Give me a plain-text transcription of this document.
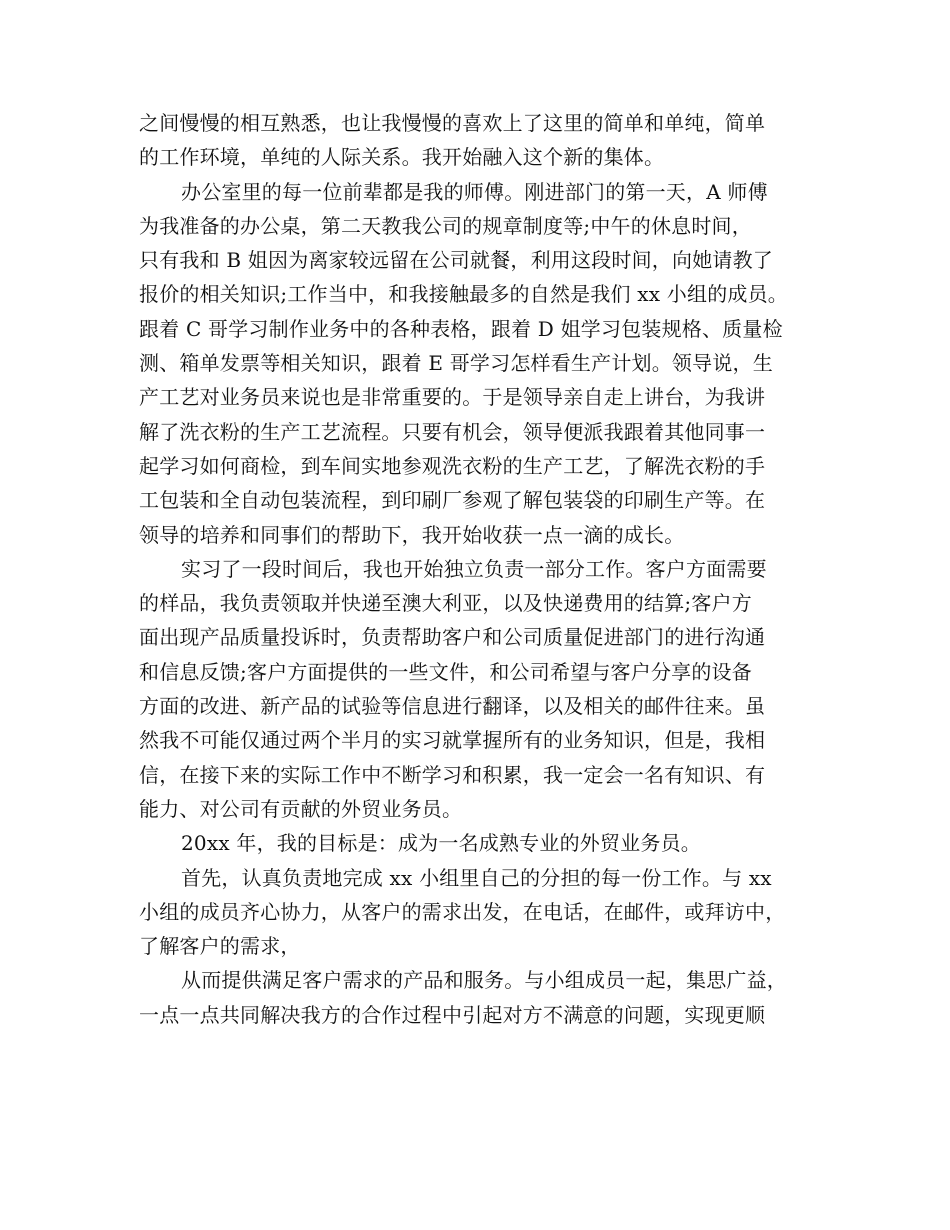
之间慢慢的相互熟悉，也让我慢慢的喜欢上了这里的简单和单纯，简单
的工作环境，单纯的人际关系。我开始融入这个新的集体。
办公室里的每一位前辈都是我的师傅。刚进部门的第一天，A 师傅
为我准备的办公桌，第二天教我公司的规章制度等;中午的休息时间，
只有我和 B 姐因为离家较远留在公司就餐，利用这段时间，向她请教了
报价的相关知识;工作当中，和我接触最多的自然是我们 xx 小组的成员。
跟着 C 哥学习制作业务中的各种表格，跟着 D 姐学习包装规格、质量检
测、箱单发票等相关知识，跟着 E 哥学习怎样看生产计划。领导说，生
产工艺对业务员来说也是非常重要的。于是领导亲自走上讲台，为我讲
解了洗衣粉的生产工艺流程。只要有机会，领导便派我跟着其他同事一
起学习如何商检，到车间实地参观洗衣粉的生产工艺，了解洗衣粉的手
工包装和全自动包装流程，到印刷厂参观了解包装袋的印刷生产等。在
领导的培养和同事们的帮助下，我开始收获一点一滴的成长。
实习了一段时间后，我也开始独立负责一部分工作。客户方面需要
的样品，我负责领取并快递至澳大利亚，以及快递费用的结算;客户方
面出现产品质量投诉时，负责帮助客户和公司质量促进部门的进行沟通
和信息反馈;客户方面提供的一些文件，和公司希望与客户分享的设备
方面的改进、新产品的试验等信息进行翻译，以及相关的邮件往来。虽
然我不可能仅通过两个半月的实习就掌握所有的业务知识，但是，我相
信，在接下来的实际工作中不断学习和积累，我一定会一名有知识、有
能力、对公司有贡献的外贸业务员。
20xx 年，我的目标是：成为一名成熟专业的外贸业务员。
首先，认真负责地完成 xx 小组里自己的分担的每一份工作。与 xx
小组的成员齐心协力，从客户的需求出发，在电话，在邮件，或拜访中，
了解客户的需求，
从而提供满足客户需求的产品和服务。与小组成员一起，集思广益，
一点一点共同解决我方的合作过程中引起对方不满意的问题，实现更顺
